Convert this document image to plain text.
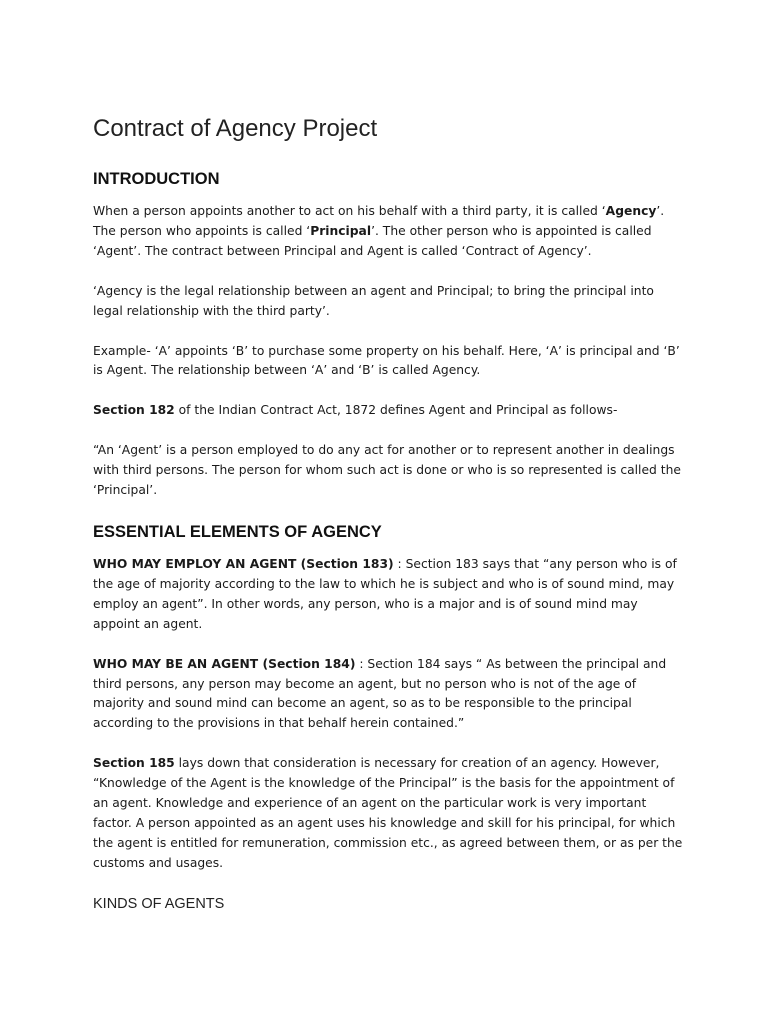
Contract of Agency Project
INTRODUCTION

When a person appoints another to act on his behalf with a third party, it is called ‘Agency’. The person who appoints is called ‘Principal’. The other person who is appointed is called ‘Agent’. The contract between Principal and Agent is called ‘Contract of Agency’.

‘Agency is the legal relationship between an agent and Principal; to bring the principal into legal relationship with the third party’.

Example- ‘A’ appoints ‘B’ to purchase some property on his behalf. Here, ‘A’ is principal and ‘B’ is Agent. The relationship between ‘A’ and ‘B’ is called Agency.

Section 182 of the Indian Contract Act, 1872 defines Agent and Principal as follows-

“An ‘Agent’ is a person employed to do any act for another or to represent another in dealings with third persons. The person for whom such act is done or who is so represented is called the ‘Principal’.

ESSENTIAL ELEMENTS OF AGENCY

WHO MAY EMPLOY AN AGENT (Section 183) : Section 183 says that “any person who is of the age of majority according to the law to which he is subject and who is of sound mind, may employ an agent”. In other words, any person, who is a major and is of sound mind may appoint an agent.

WHO MAY BE AN AGENT (Section 184) : Section 184 says “ As between the principal and third persons, any person may become an agent, but no person who is not of the age of majority and sound mind can become an agent, so as to be responsible to the principal according to the provisions in that behalf herein contained.”

Section 185 lays down that consideration is necessary for creation of an agency. However, “Knowledge of the Agent is the knowledge of the Principal” is the basis for the appointment of an agent. Knowledge and experience of an agent on the particular work is very important factor. A person appointed as an agent uses his knowledge and skill for his principal, for which the agent is entitled for remuneration, commission etc., as agreed between them, or as per the customs and usages.

KINDS OF AGENTS
